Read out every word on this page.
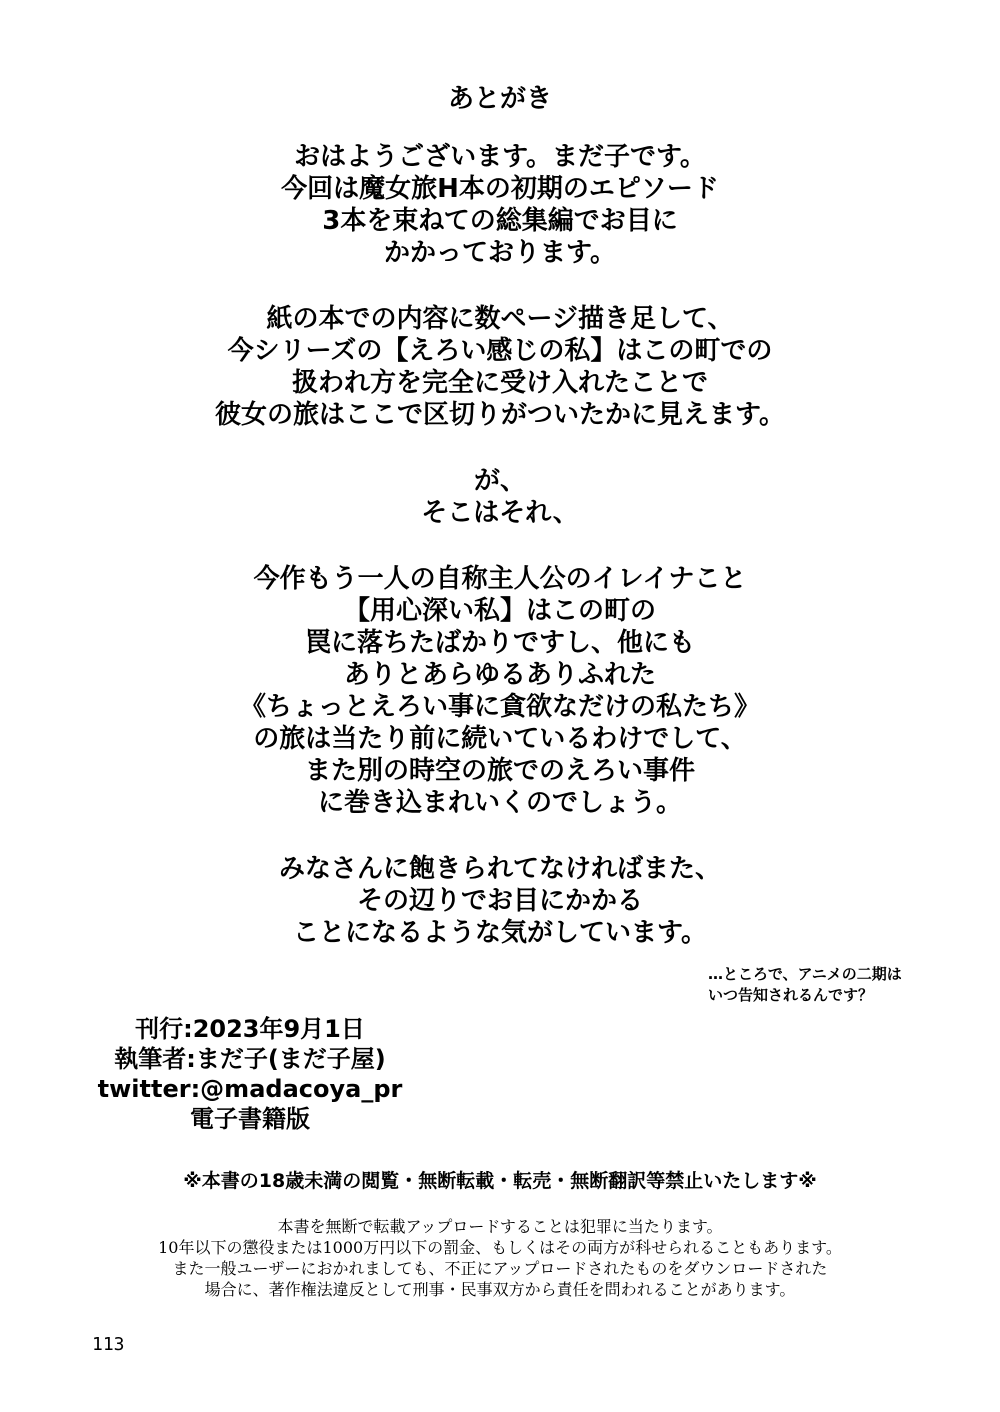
あとがき
おはようございます。まだ子です。
今回は魔女旅H本の初期のエピソード
3本を束ねての総集編でお目に
かかっております。
紙の本での内容に数ページ描き足して、
今シリーズの【えろい感じの私】はこの町での
扱われ方を完全に受け入れたことで
彼女の旅はここで区切りがついたかに見えます。
が、
そこはそれ、
今作もう一人の自称主人公のイレイナこと
【用心深い私】はこの町の
罠に落ちたばかりですし、他にも
ありとあらゆるありふれた
《ちょっとえろい事に貪欲なだけの私たち》
の旅は当たり前に続いているわけでして、
また別の時空の旅でのえろい事件
に巻き込まれいくのでしょう。
みなさんに飽きられてなければまた、
その辺りでお目にかかる
ことになるような気がしています。
…ところで、アニメの二期は
いつ告知されるんです？
刊行:2023年9月1日
執筆者:まだ子(まだ子屋)
twitter:@madacoya_pr
電子書籍版
※本書の18歳未満の閲覧・無断転載・転売・無断翻訳等禁止いたします※
本書を無断で転載アップロードすることは犯罪に当たります。
10年以下の懲役または1000万円以下の罰金、もしくはその両方が科せられることもあります。
また一般ユーザーにおかれましても、不正にアップロードされたものをダウンロードされた
場合に、著作権法違反として刑事・民事双方から責任を問われることがあります。
113
